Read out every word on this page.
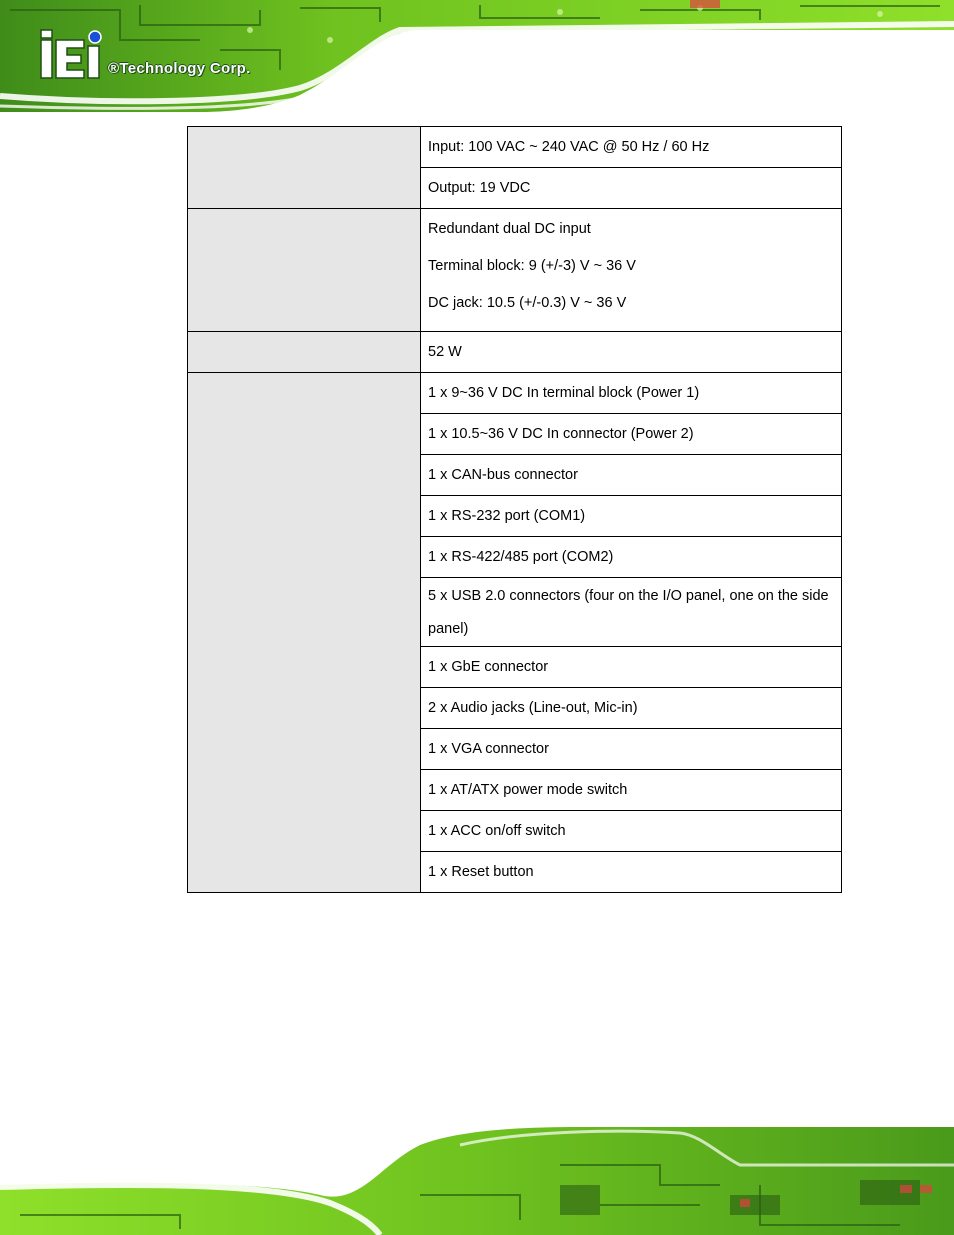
®Technology Corp.
	Input: 100 VAC ~ 240 VAC @ 50 Hz / 60 Hz
	Output: 19 VDC

	Redundant dual DC input
Terminal block: 9 (+/-3) V ~ 36 V
DC jack: 10.5 (+/-0.3) V ~ 36 V

	52 W
	1 x 9~36 V DC In terminal block (Power 1)
	1 x 10.5~36 V DC In connector (Power 2)
	1 x CAN-bus connector
	1 x RS-232 port (COM1)
	1 x RS-422/485 port (COM2)
	5 x USB 2.0 connectors (four on the I/O panel, one on the side panel)
	1 x GbE connector
	2 x Audio jacks (Line-out, Mic-in)
	1 x VGA connector
	1 x AT/ATX power mode switch
	1 x ACC on/off switch
	1 x Reset button
